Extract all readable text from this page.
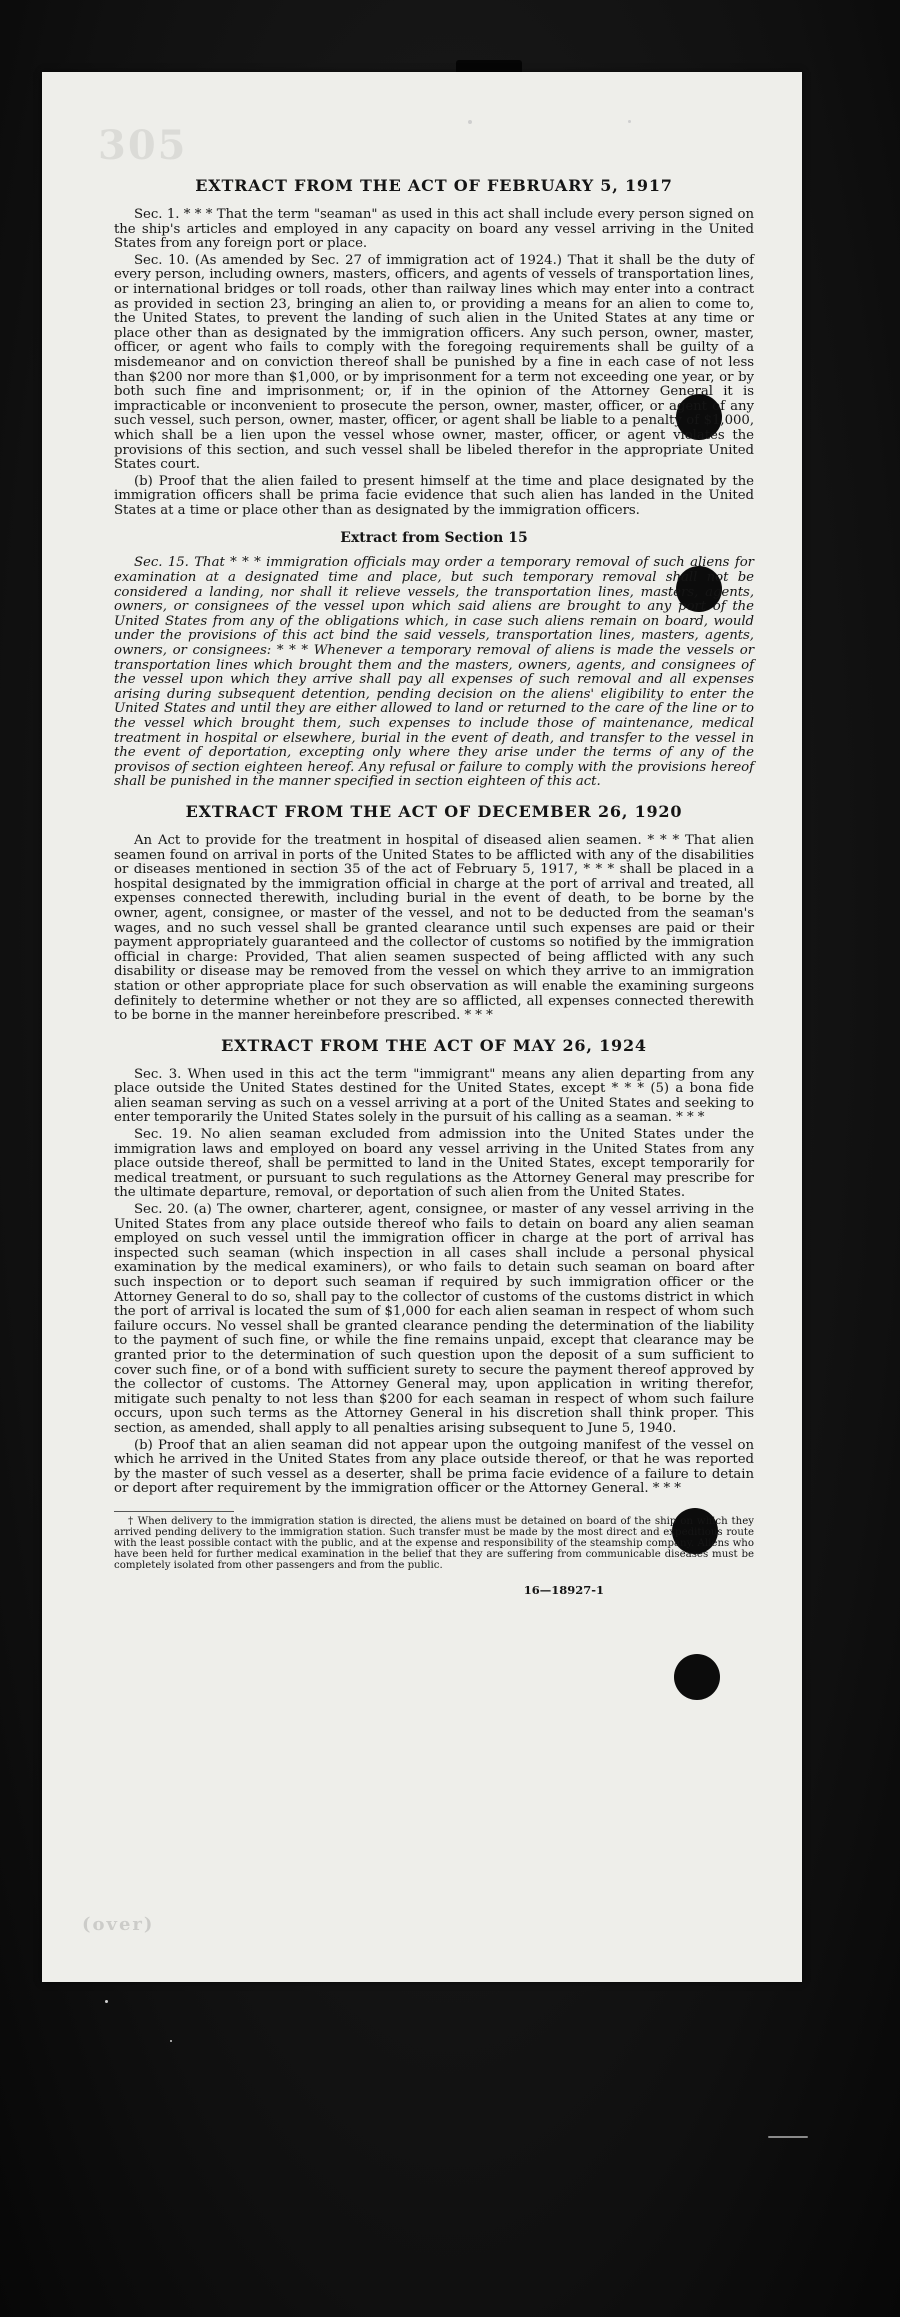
305
(over)
EXTRACT FROM THE ACT OF FEBRUARY 5, 1917

Sec. 1. * * * That the term "seaman" as used in this act shall include every person signed on the ship's articles and employed in any capacity on board any vessel arriving in the United States from any foreign port or place.

Sec. 10. (As amended by Sec. 27 of immigration act of 1924.) That it shall be the duty of every person, including owners, masters, officers, and agents of vessels of transportation lines, or international bridges or toll roads, other than railway lines which may enter into a contract as provided in section 23, bringing an alien to, or providing a means for an alien to come to, the United States, to prevent the landing of such alien in the United States at any time or place other than as designated by the immigration officers. Any such person, owner, master, officer, or agent who fails to comply with the foregoing requirements shall be guilty of a misdemeanor and on conviction thereof shall be punished by a fine in each case of not less than $200 nor more than $1,000, or by imprisonment for a term not exceeding one year, or by both such fine and imprisonment; or, if in the opinion of the Attorney General it is impracticable or inconvenient to prosecute the person, owner, master, officer, or agent of any such vessel, such person, owner, master, officer, or agent shall be liable to a penalty of $1,000, which shall be a lien upon the vessel whose owner, master, officer, or agent violates the provisions of this section, and such vessel shall be libeled therefor in the appropriate United States court.

(b) Proof that the alien failed to present himself at the time and place designated by the immigration officers shall be prima facie evidence that such alien has landed in the United States at a time or place other than as designated by the immigration officers.

Extract from Section 15

Sec. 15. That * * * immigration officials may order a temporary removal of such aliens for examination at a designated time and place, but such temporary removal shall not be considered a landing, nor shall it relieve vessels, the transportation lines, masters, agents, owners, or consignees of the vessel upon which said aliens are brought to any port of the United States from any of the obligations which, in case such aliens remain on board, would under the provisions of this act bind the said vessels, transportation lines, masters, agents, owners, or consignees: * * * Whenever a temporary removal of aliens is made the vessels or transportation lines which brought them and the masters, owners, agents, and consignees of the vessel upon which they arrive shall pay all expenses of such removal and all expenses arising during subsequent detention, pending decision on the aliens' eligibility to enter the United States and until they are either allowed to land or returned to the care of the line or to the vessel which brought them, such expenses to include those of maintenance, medical treatment in hospital or elsewhere, burial in the event of death, and transfer to the vessel in the event of deportation, excepting only where they arise under the terms of any of the provisos of section eighteen hereof. Any refusal or failure to comply with the provisions hereof shall be punished in the manner specified in section eighteen of this act.

EXTRACT FROM THE ACT OF DECEMBER 26, 1920

An Act to provide for the treatment in hospital of diseased alien seamen. * * * That alien seamen found on arrival in ports of the United States to be afflicted with any of the disabilities or diseases mentioned in section 35 of the act of February 5, 1917, * * * shall be placed in a hospital designated by the immigration official in charge at the port of arrival and treated, all expenses connected therewith, including burial in the event of death, to be borne by the owner, agent, consignee, or master of the vessel, and not to be deducted from the seaman's wages, and no such vessel shall be granted clearance until such expenses are paid or their payment appropriately guaranteed and the collector of customs so notified by the immigration official in charge: Provided, That alien seamen suspected of being afflicted with any such disability or disease may be removed from the vessel on which they arrive to an immigration station or other appropriate place for such observation as will enable the examining surgeons definitely to determine whether or not they are so afflicted, all expenses connected therewith to be borne in the manner hereinbefore prescribed. * * *

EXTRACT FROM THE ACT OF MAY 26, 1924

Sec. 3. When used in this act the term "immigrant" means any alien departing from any place outside the United States destined for the United States, except * * * (5) a bona fide alien seaman serving as such on a vessel arriving at a port of the United States and seeking to enter temporarily the United States solely in the pursuit of his calling as a seaman. * * *

Sec. 19. No alien seaman excluded from admission into the United States under the immigration laws and employed on board any vessel arriving in the United States from any place outside thereof, shall be permitted to land in the United States, except temporarily for medical treatment, or pursuant to such regulations as the Attorney General may prescribe for the ultimate departure, removal, or deportation of such alien from the United States.

Sec. 20. (a) The owner, charterer, agent, consignee, or master of any vessel arriving in the United States from any place outside thereof who fails to detain on board any alien seaman employed on such vessel until the immigration officer in charge at the port of arrival has inspected such seaman (which inspection in all cases shall include a personal physical examination by the medical examiners), or who fails to detain such seaman on board after such inspection or to deport such seaman if required by such immigration officer or the Attorney General to do so, shall pay to the collector of customs of the customs district in which the port of arrival is located the sum of $1,000 for each alien seaman in respect of whom such failure occurs. No vessel shall be granted clearance pending the determination of the liability to the payment of such fine, or while the fine remains unpaid, except that clearance may be granted prior to the determination of such question upon the deposit of a sum sufficient to cover such fine, or of a bond with sufficient surety to secure the payment thereof approved by the collector of customs. The Attorney General may, upon application in writing therefor, mitigate such penalty to not less than $200 for each seaman in respect of whom such failure occurs, upon such terms as the Attorney General in his discretion shall think proper. This section, as amended, shall apply to all penalties arising subsequent to June 5, 1940.

(b) Proof that an alien seaman did not appear upon the outgoing manifest of the vessel on which he arrived in the United States from any place outside thereof, or that he was reported by the master of such vessel as a deserter, shall be prima facie evidence of a failure to detain or deport after requirement by the immigration officer or the Attorney General. * * *

† When delivery to the immigration station is directed, the aliens must be detained on board of the ship on which they arrived pending delivery to the immigration station. Such transfer must be made by the most direct and expeditious route with the least possible contact with the public, and at the expense and responsibility of the steamship company. Aliens who have been held for further medical examination in the belief that they are suffering from communicable diseases must be completely isolated from other passengers and from the public.
16—18927-1
